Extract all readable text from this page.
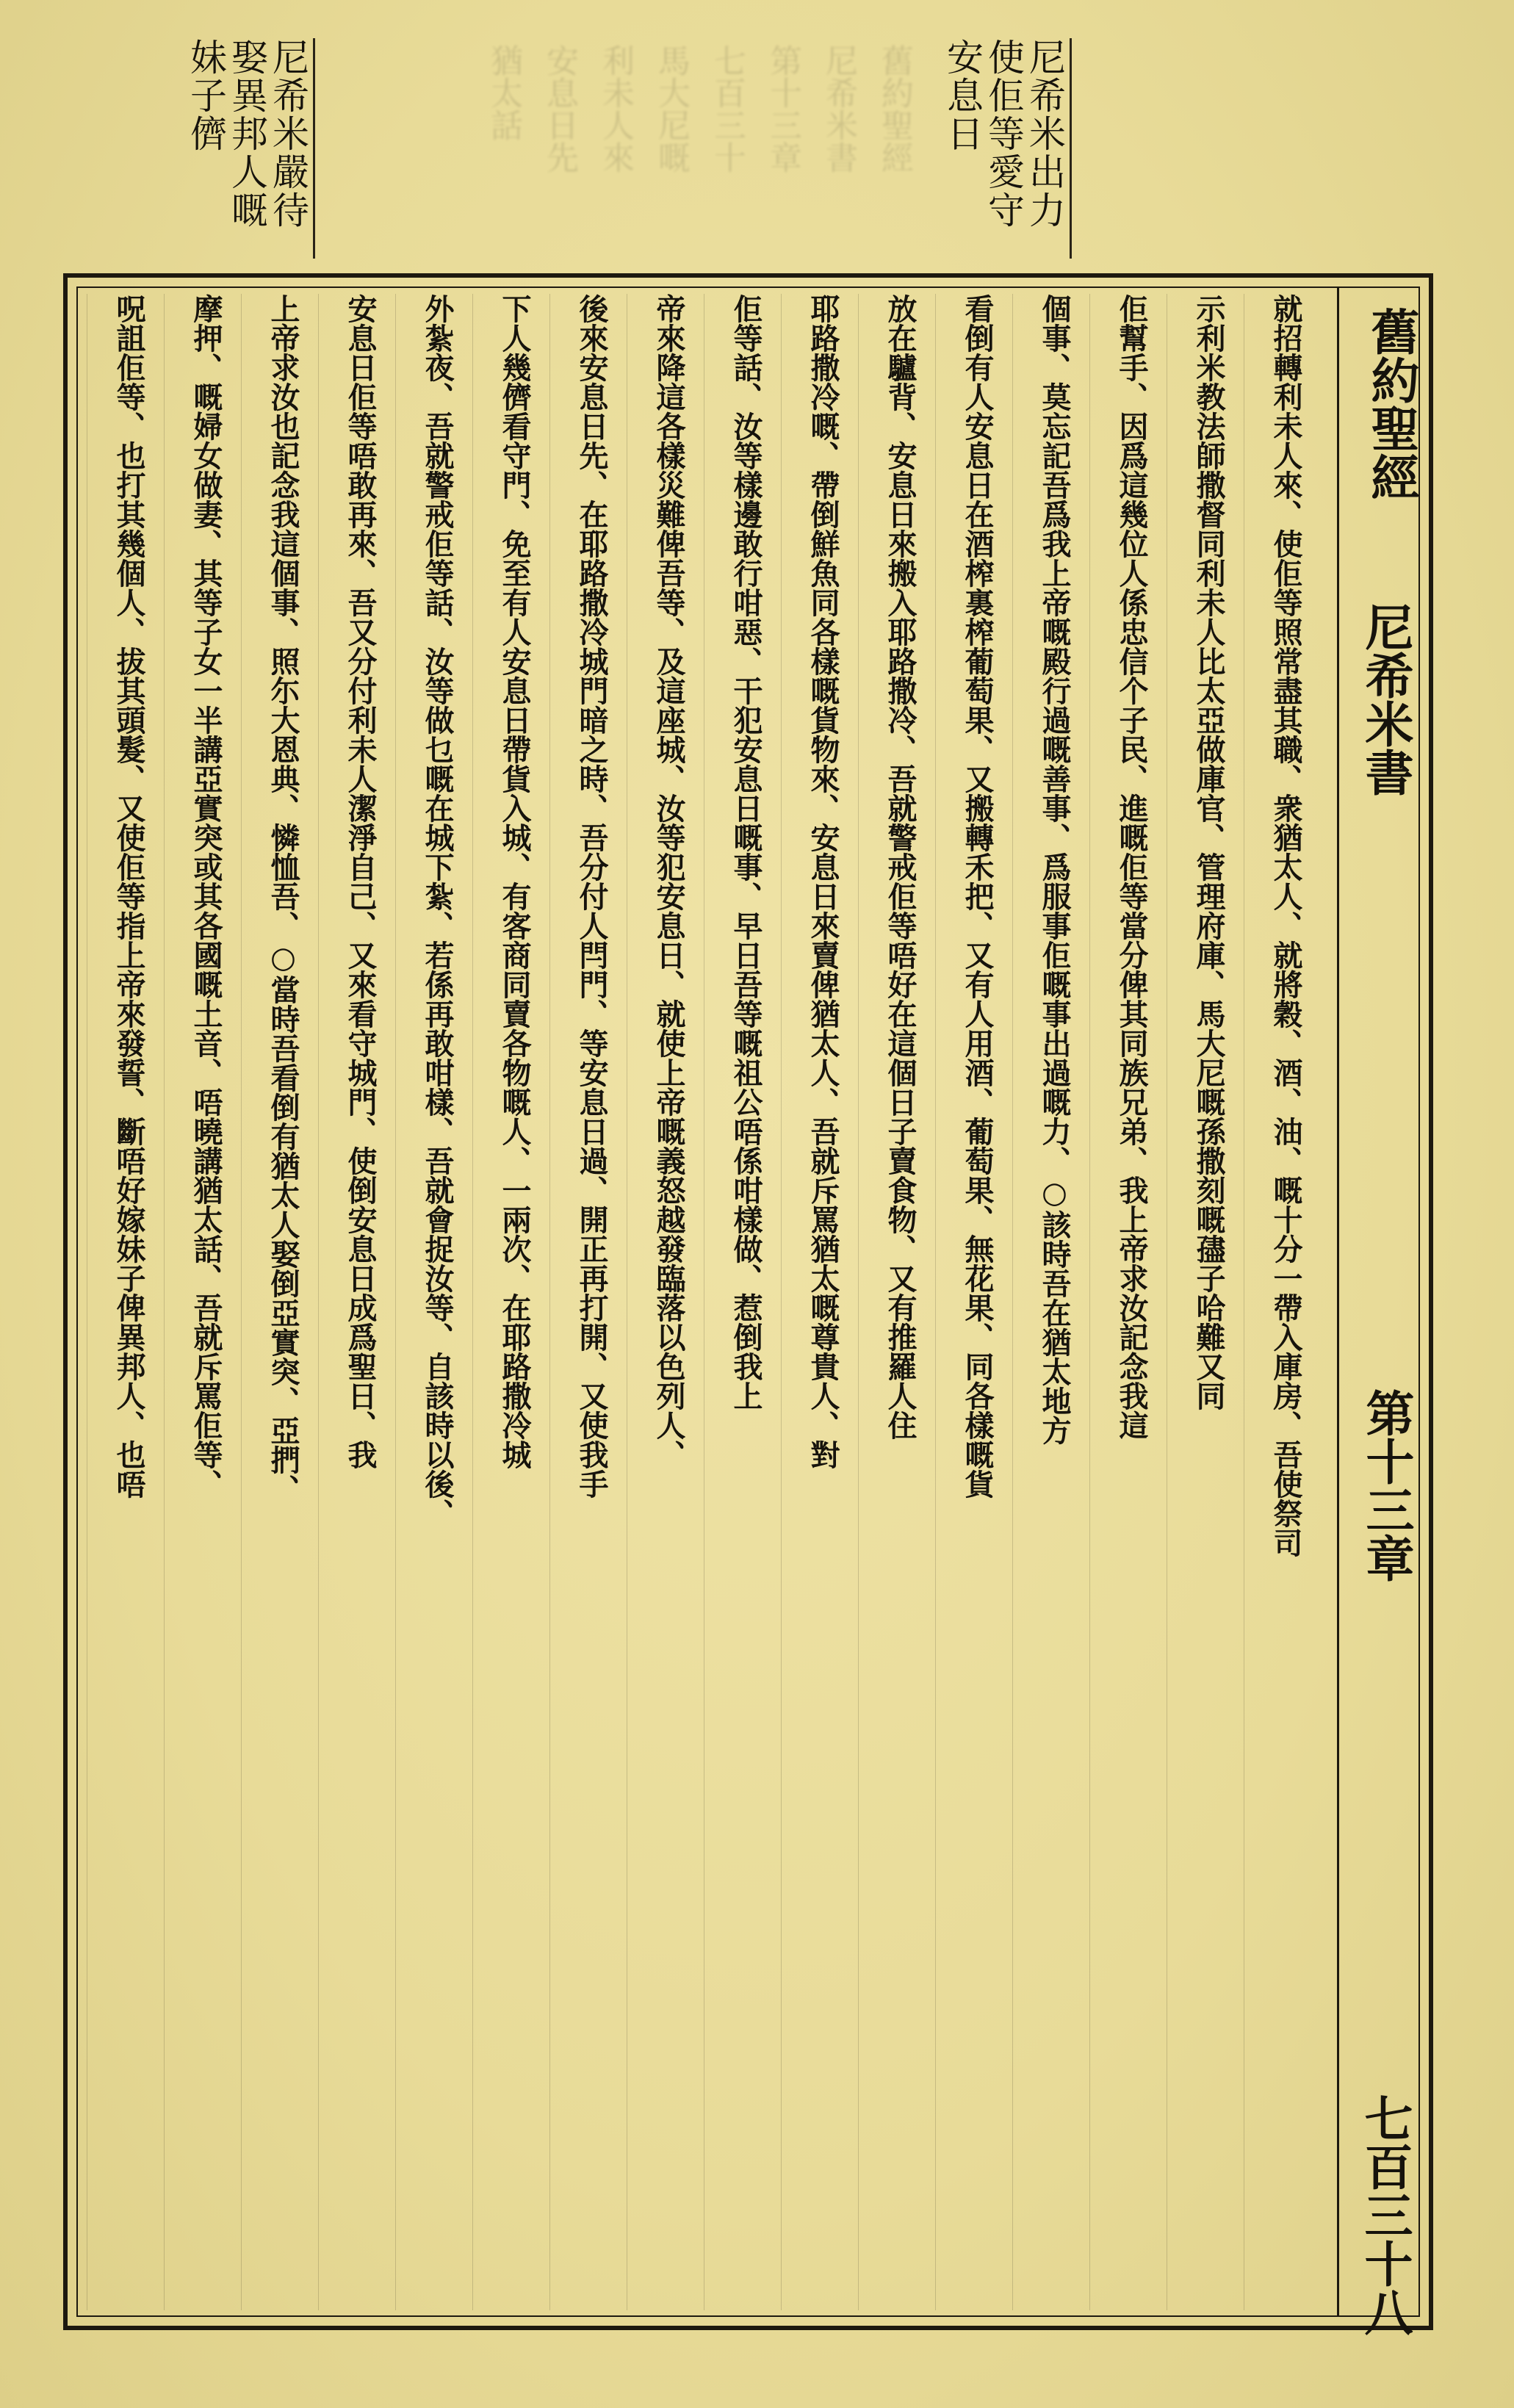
舊約聖經
尼希米書
第十三章
七百三十
馬大尼嘅
利未人來
安息日先
猶太話	尼希米出力
使佢等愛守
安息日
尼希米嚴待
娶異邦人嘅
妹子儕
舊約聖經
尼希米書
第十三章
七百三十八
就招轉利未人來、使佢等照常盡其職、衆猶太人、就將穀、酒、油、嘅十分一帶入庫房、吾使祭司
示利米教法師撒督同利未人比太亞做庫官、管理府庫、馬大尼嘅孫撒刻嘅孻子哈難又同
佢幫手、因爲這幾位人係忠信个子民、進嘅佢等當分俾其同族兄弟、我上帝求汝記念我這
個事、莫忘記吾爲我上帝嘅殿行過嘅善事、爲服事佢嘅事出過嘅力、○該時吾在猶太地方
看倒有人安息日在酒榨裏榨葡萄果、又搬轉禾把、又有人用酒、葡萄果、無花果、同各樣嘅貨
放在驢背、安息日來搬入耶路撒冷、吾就警戒佢等唔好在這個日子賣食物、又有推羅人住
耶路撒冷嘅、帶倒鮮魚同各樣嘅貨物來、安息日來賣俾猶太人、吾就斥罵猶太嘅尊貴人、對
佢等話、汝等樣邊敢行咁惡、干犯安息日嘅事、早日吾等嘅祖公唔係咁樣做、惹倒我上
帝來降這各樣災難俾吾等、及這座城、汝等犯安息日、就使上帝嘅義怒越發臨落以色列人、
後來安息日先、在耶路撒冷城門暗之時、吾分付人閂門、等安息日過、開正再打開、又使我手
下人幾儕看守門、免至有人安息日帶貨入城、有客商同賣各物嘅人、一兩次、在耶路撒冷城
外紮夜、吾就警戒佢等話、汝等做乜嘅在城下紮、若係再敢咁樣、吾就會捉汝等、自該時以後、
安息日佢等唔敢再來、吾又分付利未人潔淨自己、又來看守城門、使倒安息日成爲聖日、我
上帝求汝也記念我這個事、照尓大恩典、憐恤吾、○當時吾看倒有猶太人娶倒亞實突、亞捫、
摩押、嘅婦女做妻、其等子女一半講亞實突或其各國嘅土音、唔曉講猶太話、吾就斥罵佢等、
呪詛佢等、也打其幾個人、拔其頭髮、又使佢等指上帝來發誓、斷唔好嫁妹子俾異邦人、也唔
